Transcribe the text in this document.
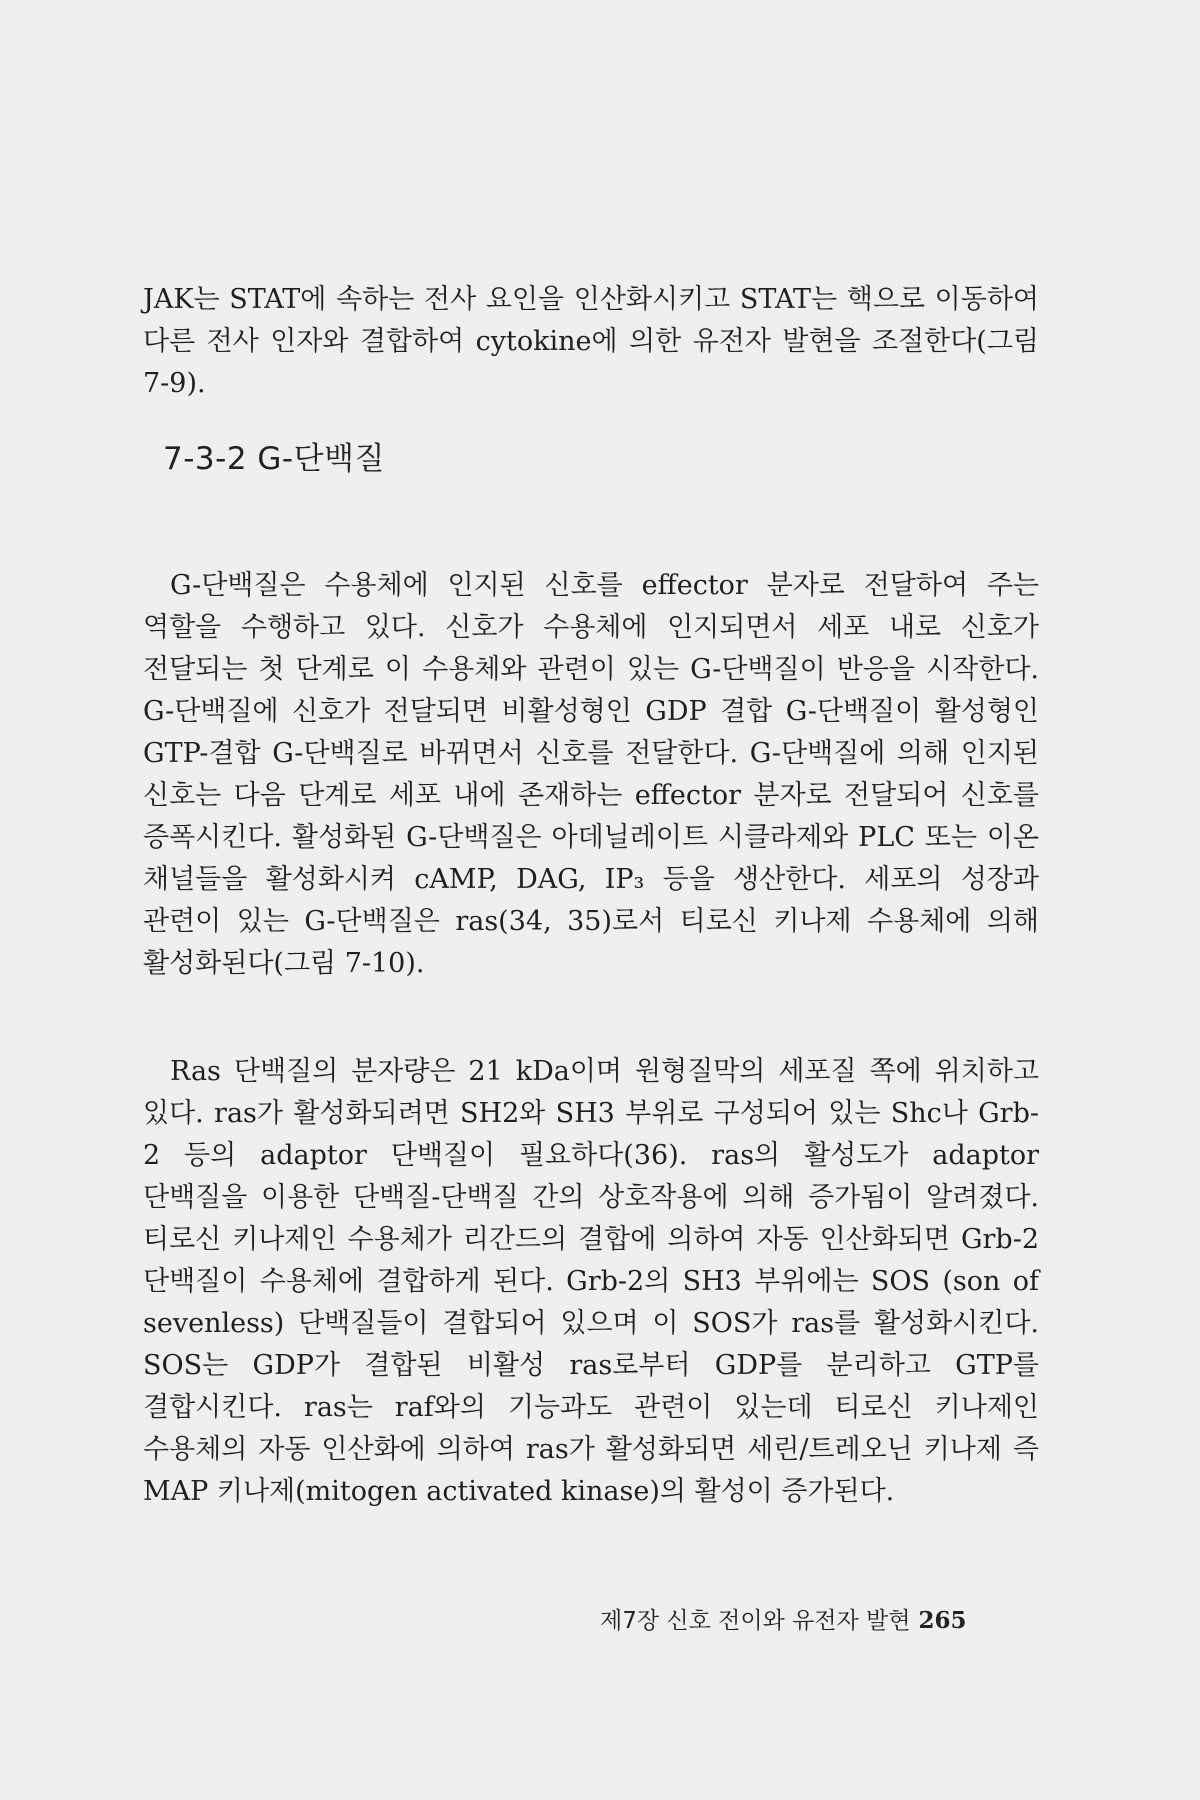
JAK는 STAT에 속하는 전사 요인을 인산화시키고 STAT는 핵으로 이동하여 다른 전사 인자와 결합하여 cytokine에 의한 유전자 발현을 조절한다(그림 7-9).

7-3-2 G-단백질

G-단백질은 수용체에 인지된 신호를 effector 분자로 전달하여 주는 역할을 수행하고 있다. 신호가 수용체에 인지되면서 세포 내로 신호가 전달되는 첫 단계로 이 수용체와 관련이 있는 G-단백질이 반응을 시작한다. G-단백질에 신호가 전달되면 비활성형인 GDP 결합 G-단백질이 활성형인 GTP-결합 G-단백질로 바뀌면서 신호를 전달한다. G-단백질에 의해 인지된 신호는 다음 단계로 세포 내에 존재하는 effector 분자로 전달되어 신호를 증폭시킨다. 활성화된 G-단백질은 아데닐레이트 시클라제와 PLC 또는 이온 채널들을 활성화시켜 cAMP, DAG, IP₃ 등을 생산한다. 세포의 성장과 관련이 있는 G-단백질은 ras(34, 35)로서 티로신 키나제 수용체에 의해 활성화된다(그림 7-10).

Ras 단백질의 분자량은 21 kDa이며 원형질막의 세포질 쪽에 위치하고 있다. ras가 활성화되려면 SH2와 SH3 부위로 구성되어 있는 Shc나 Grb-2 등의 adaptor 단백질이 필요하다(36). ras의 활성도가 adaptor 단백질을 이용한 단백질-단백질 간의 상호작용에 의해 증가됨이 알려졌다. 티로신 키나제인 수용체가 리간드의 결합에 의하여 자동 인산화되면 Grb-2 단백질이 수용체에 결합하게 된다. Grb-2의 SH3 부위에는 SOS (son of sevenless) 단백질들이 결합되어 있으며 이 SOS가 ras를 활성화시킨다. SOS는 GDP가 결합된 비활성 ras로부터 GDP를 분리하고 GTP를 결합시킨다. ras는 raf와의 기능과도 관련이 있는데 티로신 키나제인 수용체의 자동 인산화에 의하여 ras가 활성화되면 세린/트레오닌 키나제 즉 MAP 키나제(mitogen activated kinase)의 활성이 증가된다.

제7장 신호 전이와 유전자 발현 265
